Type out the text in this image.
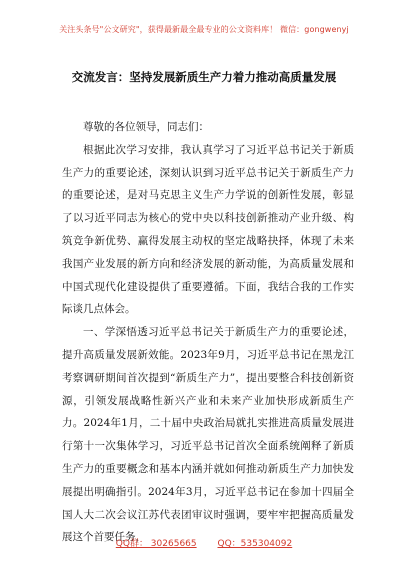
关注头条号"公文研究"，获得最新最全最专业的公文资料库！ 微信：gongwenyj
交流发言：坚持发展新质生产力着力推动高质量发展

尊敬的各位领导，同志们：

根据此次学习安排，我认真学习了习近平总书记关于新质生产力的重要论述，深刻认识到习近平总书记关于新质生产力的重要论述，是对马克思主义生产力学说的创新性发展，彰显了以习近平同志为核心的党中央以科技创新推动产业升级、构筑竞争新优势、赢得发展主动权的坚定战略抉择，体现了未来我国产业发展的新方向和经济发展的新动能，为高质量发展和中国式现代化建设提供了重要遵循。下面，我结合我的工作实际谈几点体会。

一、学深悟透习近平总书记关于新质生产力的重要论述，提升高质量发展新效能。2023年9月，习近平总书记在黑龙江考察调研期间首次提到“新质生产力”，提出要整合科技创新资源，引领发展战略性新兴产业和未来产业加快形成新质生产力。2024年1月，二十届中央政治局就扎实推进高质量发展进行第十一次集体学习，习近平总书记首次全面系统阐释了新质生产力的重要概念和基本内涵并就如何推动新质生产力加快发展提出明确指引。2024年3月，习近平总书记在参加十四届全国人大二次会议江苏代表团审议时强调，要牢牢把握高质量发展这个首要任务，

QQ群： 30265665 QQ：535304092
